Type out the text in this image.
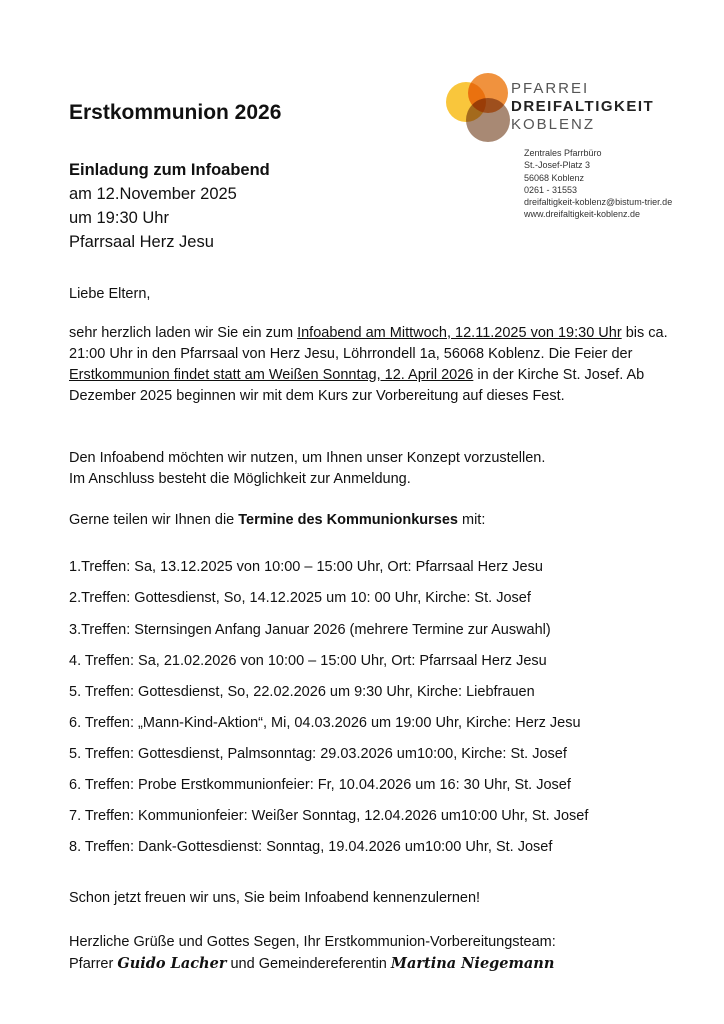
Erstkommunion 2026
Einladung zum Infoabend
am 12.November 2025
um 19:30 Uhr
Pfarrsaal Herz Jesu
PFARREI
DREIFALTIGKEIT
KOBLENZ
Zentrales Pfarrbüro
St.-Josef-Platz 3
56068 Koblenz
0261 - 31553
dreifaltigkeit-koblenz@bistum-trier.de
www.dreifaltigkeit-koblenz.de
Liebe Eltern,
sehr herzlich laden wir Sie ein zum Infoabend am Mittwoch, 12.11.2025 von 19:30 Uhr bis ca. 21:00 Uhr in den Pfarrsaal von Herz Jesu, Löhrrondell 1a, 56068 Koblenz. Die Feier der Erstkommunion findet statt am Weißen Sonntag, 12. April 2026 in der Kirche St. Josef. Ab Dezember 2025 beginnen wir mit dem Kurs zur Vorbereitung auf dieses Fest.
Den Infoabend möchten wir nutzen, um Ihnen unser Konzept vorzustellen.
Im Anschluss besteht die Möglichkeit zur Anmeldung.
Gerne teilen wir Ihnen die Termine des Kommunionkurses mit:
1.Treffen: Sa, 13.12.2025 von 10:00 – 15:00 Uhr, Ort: Pfarrsaal Herz Jesu
2.Treffen: Gottesdienst, So, 14.12.2025 um 10: 00 Uhr, Kirche: St. Josef
3.Treffen: Sternsingen Anfang Januar 2026 (mehrere Termine zur Auswahl)
4. Treffen: Sa, 21.02.2026 von 10:00 – 15:00 Uhr, Ort: Pfarrsaal Herz Jesu
5. Treffen: Gottesdienst, So, 22.02.2026 um 9:30 Uhr, Kirche: Liebfrauen
6. Treffen: „Mann-Kind-Aktion“, Mi, 04.03.2026 um 19:00 Uhr, Kirche: Herz Jesu
5. Treffen: Gottesdienst, Palmsonntag: 29.03.2026 um10:00, Kirche: St. Josef
6. Treffen: Probe Erstkommunionfeier: Fr, 10.04.2026 um 16: 30 Uhr, St. Josef
7. Treffen: Kommunionfeier: Weißer Sonntag, 12.04.2026 um10:00 Uhr, St. Josef
8. Treffen: Dank-Gottesdienst: Sonntag, 19.04.2026 um10:00 Uhr, St. Josef
Schon jetzt freuen wir uns, Sie beim Infoabend kennenzulernen!
Herzliche Grüße und Gottes Segen, Ihr Erstkommunion-Vorbereitungsteam:
Pfarrer Guido Lacher und Gemeindereferentin Martina Niegemann
